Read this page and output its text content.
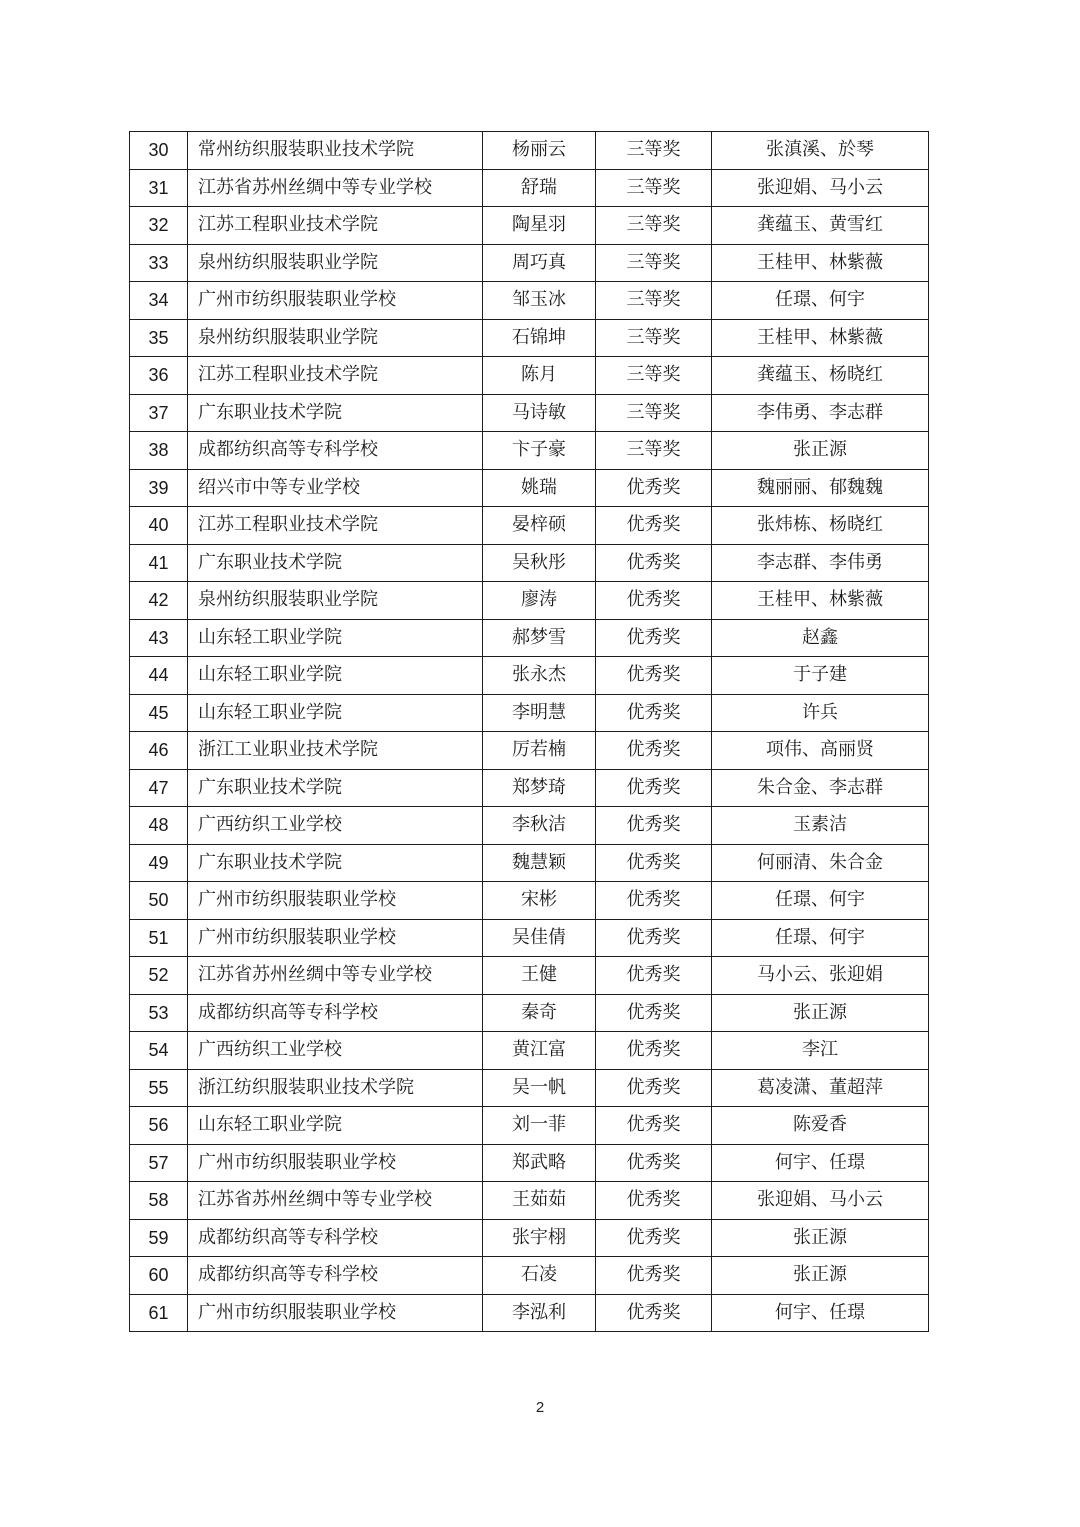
30	常州纺织服装职业技术学院	杨丽云	三等奖	张滇溪、於琴
31	江苏省苏州丝绸中等专业学校	舒瑞	三等奖	张迎娟、马小云
32	江苏工程职业技术学院	陶星羽	三等奖	龚蕴玉、黄雪红
33	泉州纺织服装职业学院	周巧真	三等奖	王桂甲、林紫薇
34	广州市纺织服装职业学校	邹玉冰	三等奖	任璟、何宇
35	泉州纺织服装职业学院	石锦坤	三等奖	王桂甲、林紫薇
36	江苏工程职业技术学院	陈月	三等奖	龚蕴玉、杨晓红
37	广东职业技术学院	马诗敏	三等奖	李伟勇、李志群
38	成都纺织高等专科学校	卞子豪	三等奖	张正源
39	绍兴市中等专业学校	姚瑞	优秀奖	魏丽丽、郁魏魏
40	江苏工程职业技术学院	晏梓硕	优秀奖	张炜栋、杨晓红
41	广东职业技术学院	吴秋彤	优秀奖	李志群、李伟勇
42	泉州纺织服装职业学院	廖涛	优秀奖	王桂甲、林紫薇
43	山东轻工职业学院	郝梦雪	优秀奖	赵鑫
44	山东轻工职业学院	张永杰	优秀奖	于子建
45	山东轻工职业学院	李明慧	优秀奖	许兵
46	浙江工业职业技术学院	厉若楠	优秀奖	项伟、高丽贤
47	广东职业技术学院	郑梦琦	优秀奖	朱合金、李志群
48	广西纺织工业学校	李秋洁	优秀奖	玉素洁
49	广东职业技术学院	魏慧颖	优秀奖	何丽清、朱合金
50	广州市纺织服装职业学校	宋彬	优秀奖	任璟、何宇
51	广州市纺织服装职业学校	吴佳倩	优秀奖	任璟、何宇
52	江苏省苏州丝绸中等专业学校	王健	优秀奖	马小云、张迎娟
53	成都纺织高等专科学校	秦奇	优秀奖	张正源
54	广西纺织工业学校	黄江富	优秀奖	李江
55	浙江纺织服装职业技术学院	吴一帆	优秀奖	葛凌潇、董超萍
56	山东轻工职业学院	刘一菲	优秀奖	陈爱香
57	广州市纺织服装职业学校	郑武略	优秀奖	何宇、任璟
58	江苏省苏州丝绸中等专业学校	王茹茹	优秀奖	张迎娟、马小云
59	成都纺织高等专科学校	张宇栩	优秀奖	张正源
60	成都纺织高等专科学校	石凌	优秀奖	张正源
61	广州市纺织服装职业学校	李泓利	优秀奖	何宇、任璟
2
